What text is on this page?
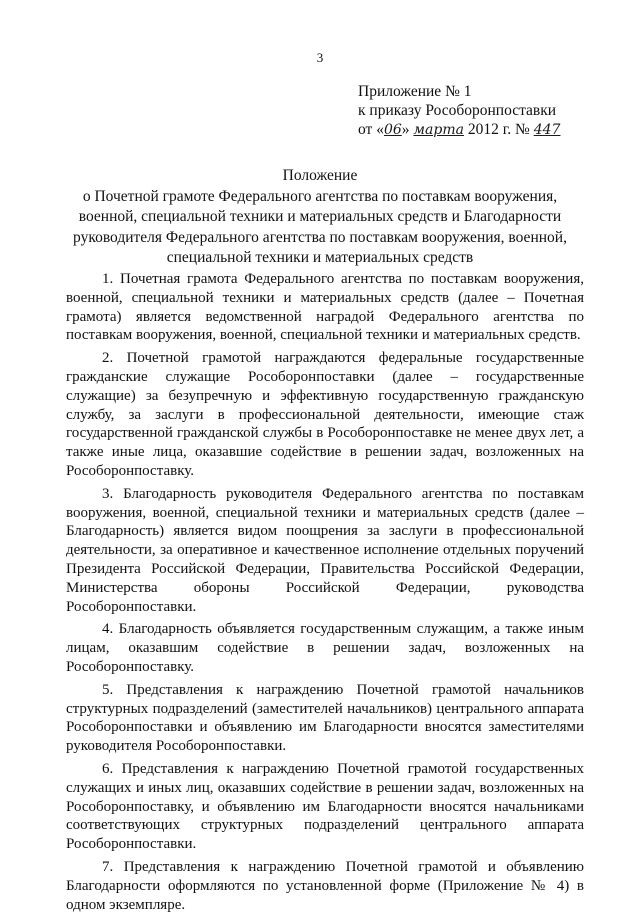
3
Приложение № 1
к приказу Рособоронпоставки
от «06» марта 2012 г. № 447
Положение
о Почетной грамоте Федерального агентства по поставкам вооружения, военной, специальной техники и материальных средств и Благодарности руководителя Федерального агентства по поставкам вооружения, военной, специальной техники и материальных средств

1. Почетная грамота Федерального агентства по поставкам вооружения, военной, специальной техники и материальных средств (далее – Почетная грамота) является ведомственной наградой Федерального агентства по поставкам вооружения, военной, специальной техники и материальных средств.

2. Почетной грамотой награждаются федеральные государственные гражданские служащие Рособоронпоставки (далее – государственные служащие) за безупречную и эффективную государственную гражданскую службу, за заслуги в профессиональной деятельности, имеющие стаж государственной гражданской службы в Рособоронпоставке не менее двух лет, а также иные лица, оказавшие содействие в решении задач, возложенных на Рособоронпоставку.

3. Благодарность руководителя Федерального агентства по поставкам вооружения, военной, специальной техники и материальных средств (далее – Благодарность) является видом поощрения за заслуги в профессиональной деятельности, за оперативное и качественное исполнение отдельных поручений Президента Российской Федерации, Правительства Российской Федерации, Министерства обороны Российской Федерации, руководства Рособоронпоставки.

4. Благодарность объявляется государственным служащим, а также иным лицам, оказавшим содействие в решении задач, возложенных на Рособоронпоставку.

5. Представления к награждению Почетной грамотой начальников структурных подразделений (заместителей начальников) центрального аппарата Рособоронпоставки и объявлению им Благодарности вносятся заместителями руководителя Рособоронпоставки.

6. Представления к награждению Почетной грамотой государственных служащих и иных лиц, оказавших содействие в решении задач, возложенных на Рособоронпоставку, и объявлению им Благодарности вносятся начальниками соответствующих структурных подразделений центрального аппарата Рособоронпоставки.

7. Представления к награждению Почетной грамотой и объявлению Благодарности оформляются по установленной форме (Приложение № 4) в одном экземпляре.
